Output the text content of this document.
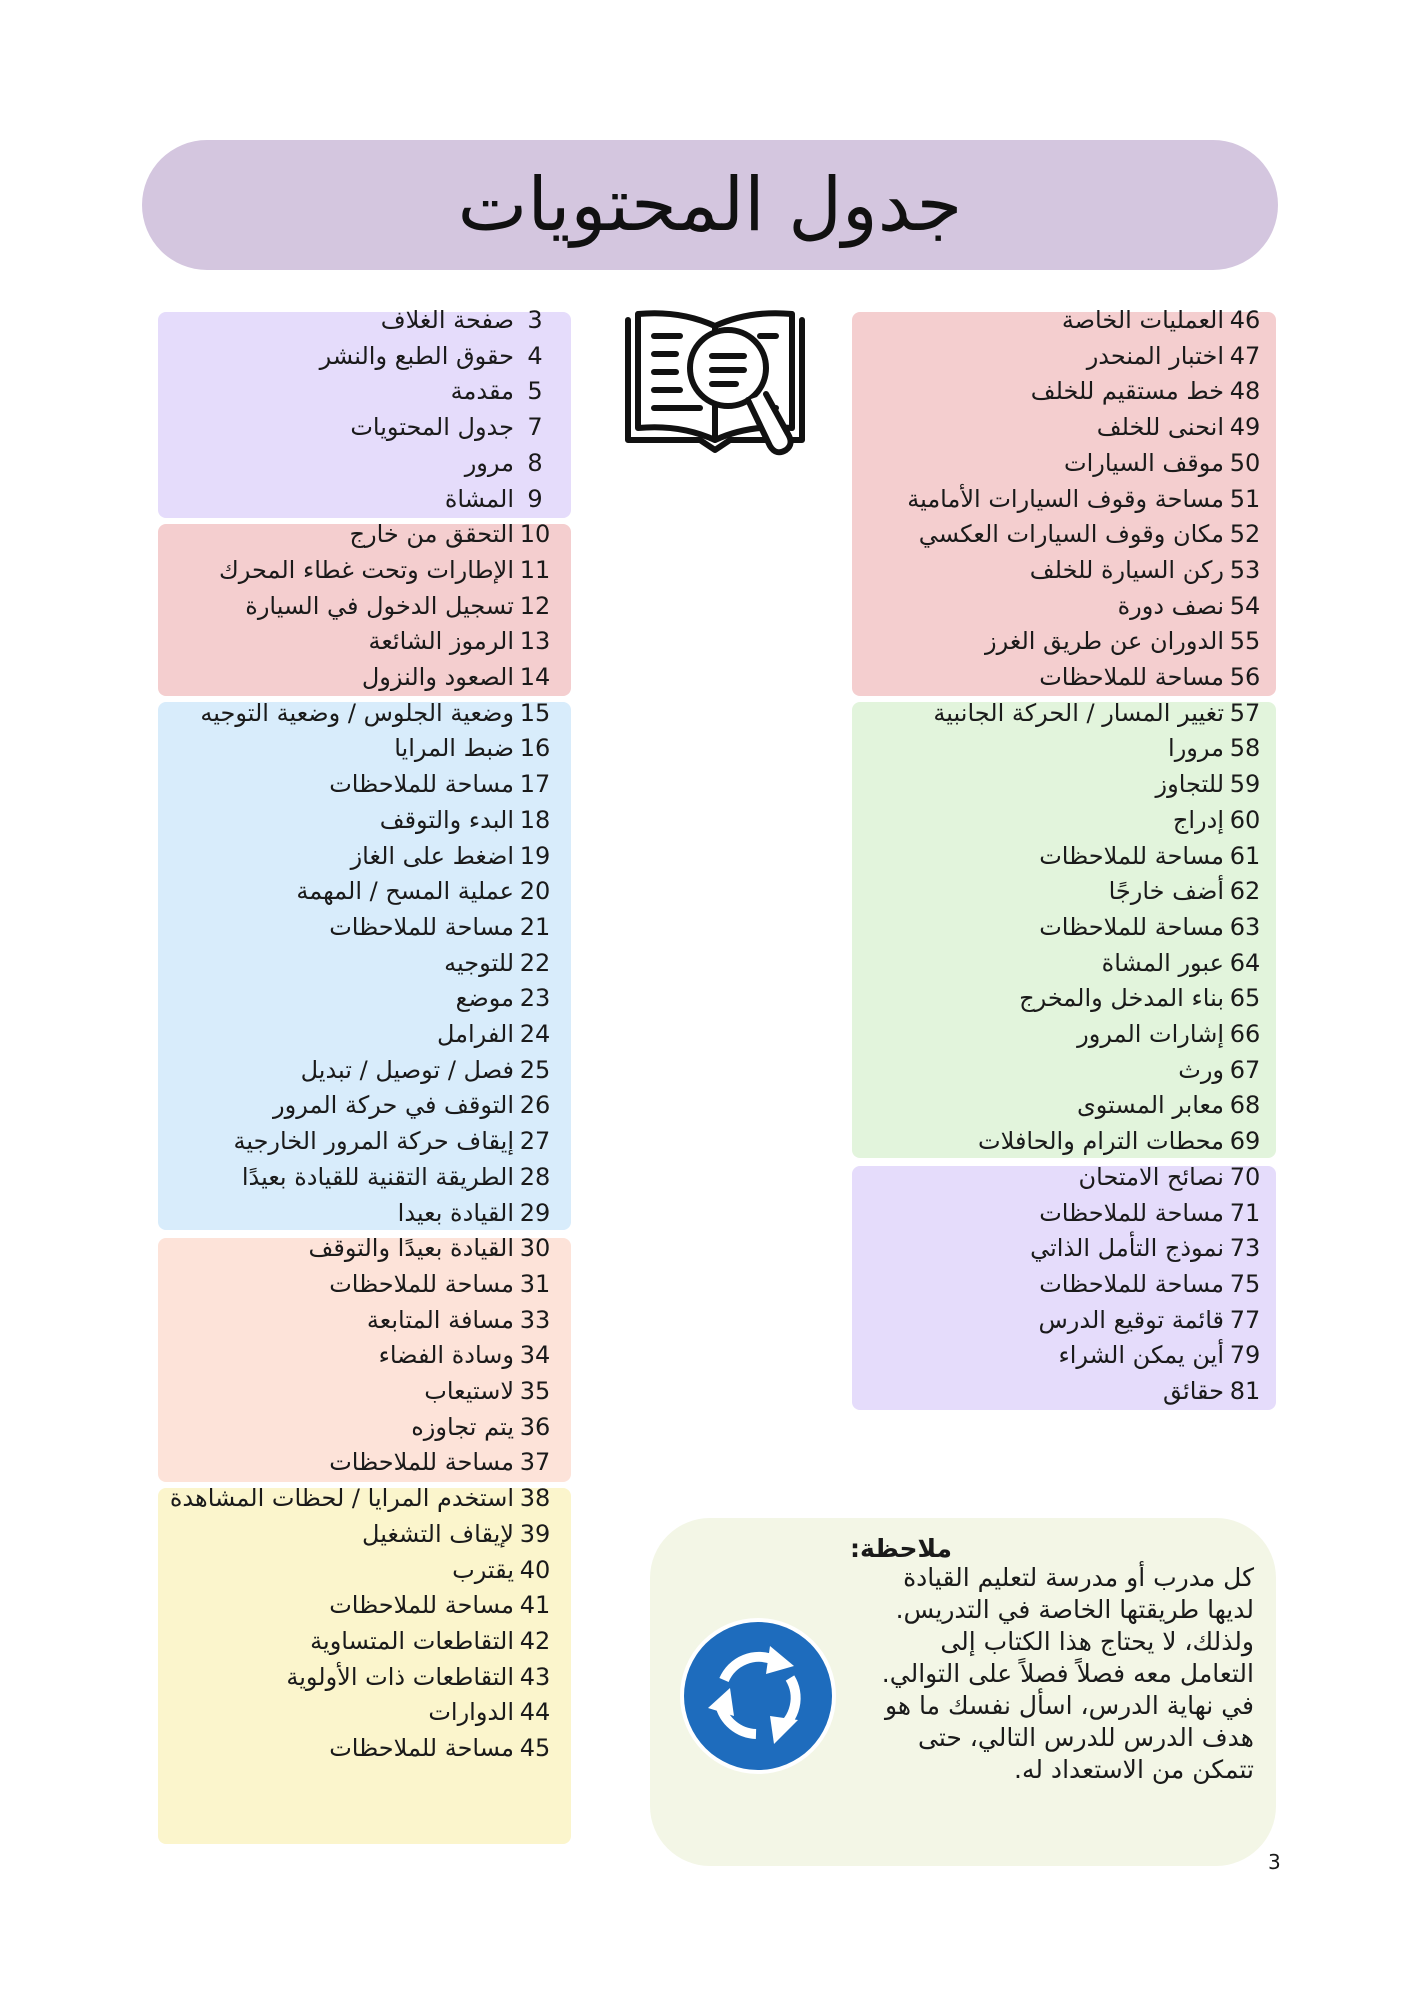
جدول المحتويات
3
صفحة الغلاف
4
حقوق الطبع والنشر
5
مقدمة
7
جدول المحتويات
8
مرور
9
المشاة
10
التحقق من خارج
11
الإطارات وتحت غطاء المحرك
12
تسجيل الدخول في السيارة
13
الرموز الشائعة
14
الصعود والنزول
15
وضعية الجلوس / وضعية التوجيه
16
ضبط المرايا
17
مساحة للملاحظات
18
البدء والتوقف
19
اضغط على الغاز
20
عملية المسح / المهمة
21
مساحة للملاحظات
22
للتوجيه
23
موضع
24
الفرامل
25
فصل / توصيل / تبديل
26
التوقف في حركة المرور
27
إيقاف حركة المرور الخارجية
28
الطريقة التقنية للقيادة بعيدًا
29
القيادة بعيدا
30
القيادة بعيدًا والتوقف
31
مساحة للملاحظات
33
مسافة المتابعة
34
وسادة الفضاء
35
لاستيعاب
36
يتم تجاوزه
37
مساحة للملاحظات
38
استخدم المرايا / لحظات المشاهدة
39
لإيقاف التشغيل
40
يقترب
41
مساحة للملاحظات
42
التقاطعات المتساوية
43
التقاطعات ذات الأولوية
44
الدوارات
45
مساحة للملاحظات
46
العمليات الخاصة
47
اختبار المنحدر
48
خط مستقيم للخلف
49
انحنى للخلف
50
موقف السيارات
51
مساحة وقوف السيارات الأمامية
52
مكان وقوف السيارات العكسي
53
ركن السيارة للخلف
54
نصف دورة
55
الدوران عن طريق الغرز
56
مساحة للملاحظات
57
تغيير المسار / الحركة الجانبية
58
مرورا
59
للتجاوز
60
إدراج
61
مساحة للملاحظات
62
أضف خارجًا
63
مساحة للملاحظات
64
عبور المشاة
65
بناء المدخل والمخرج
66
إشارات المرور
67
ورث
68
معابر المستوى
69
محطات الترام والحافلات
70
نصائح الامتحان
71
مساحة للملاحظات
73
نموذج التأمل الذاتي
75
مساحة للملاحظات
77
قائمة توقيع الدرس
79
أين يمكن الشراء
81
حقائق
ملاحظة:
كل مدرب أو مدرسة لتعليم القيادة
لديها طريقتها الخاصة في التدريس.
ولذلك، لا يحتاج هذا الكتاب إلى
التعامل معه فصلاً فصلاً على التوالي.
في نهاية الدرس، اسأل نفسك ما هو
هدف الدرس للدرس التالي، حتى
تتمكن من الاستعداد له.
3
